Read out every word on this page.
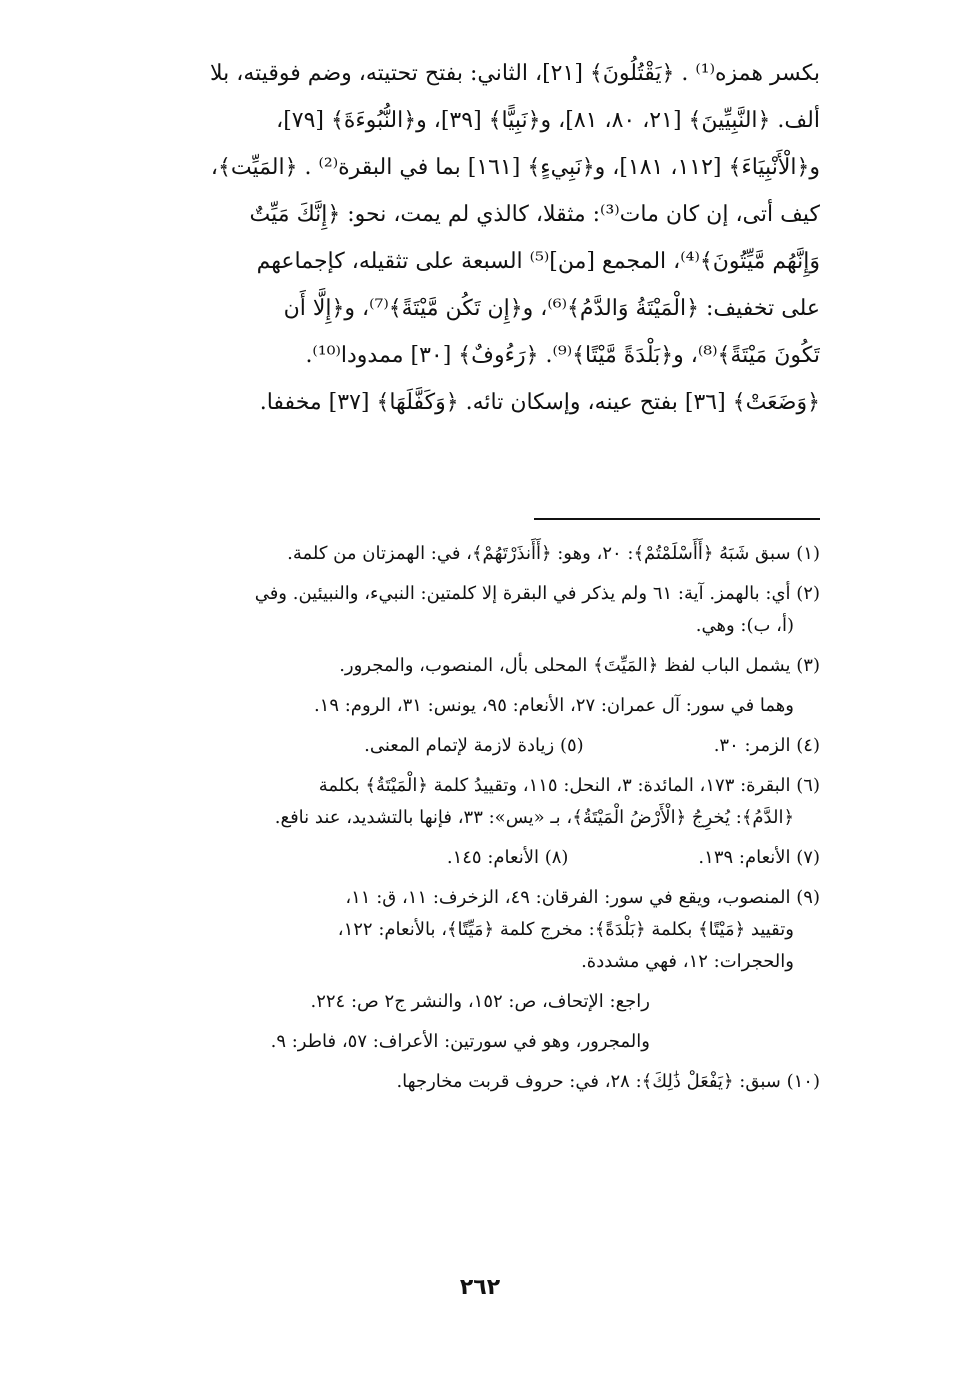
بكسر همزه⁽¹⁾ . ﴿يَقْتُلُونَ﴾ [٢١]، الثاني: بفتح تحتيته، وضم فوقيته، بلا
ألف. ﴿النَّبِيِّينَ﴾ [٢١، ٨٠، ٨١]، و﴿نَبِيًّا﴾ [٣٩]، و﴿النُّبُوءَةَ﴾ [٧٩]،
و﴿الْأَنْبِيَاءَ﴾ [١١٢، ١٨١]، و﴿نَبِيءٍ﴾ [١٦١] بما في البقرة⁽²⁾ . ﴿المَيِّت﴾،
كيف أتى، إن كان مات⁽³⁾: مثقلا، كالذي لم يمت، نحو: ﴿إِنَّكَ مَيِّتٌ
وَإِنَّهُم مَّيِّتُونَ﴾⁽⁴⁾، المجمع [من]⁽⁵⁾ السبعة على تثقيله، كإجماعهم
على تخفيف: ﴿الْمَيْتَةُ وَالدَّمُ﴾⁽⁶⁾، و﴿إِن تَكُن مَّيْتَةً﴾⁽⁷⁾، و﴿إِلَّا أَن
تَكُونَ مَيْتَةً﴾⁽⁸⁾، و﴿بَلْدَةً مَّيْتًا﴾⁽⁹⁾. ﴿رَءُوفٌ﴾ [٣٠] ممدودا⁽¹⁰⁾.
﴿وَضَعَتْ﴾ [٣٦] بفتح عينه، وإسكان تائه. ﴿وَكَفَّلَهَا﴾ [٣٧] مخففا.
(١) سبق شَبَهُ ﴿أَأَسْلَمْتُمْ﴾: ٢٠، وهو: ﴿أَأَنذَرْتَهُمْ﴾، في: الهمزتان من كلمة.
(٢) أي: بالهمز. آية: ٦١ ولم يذكر في البقرة إلا كلمتين: النبيء، والنبيئين. وفي
(أ، ب): وهي.
(٣) يشمل الباب لفظ ﴿المَيِّتَ﴾ المحلى بأل، المنصوب، والمجرور.
وهما في سور: آل عمران: ٢٧، الأنعام: ٩٥، يونس: ٣١، الروم: ١٩.
(٤) الزمر: ٣٠.
(٥) زيادة لازمة لإتمام المعنى.
(٦) البقرة: ١٧٣، المائدة: ٣، النحل: ١١٥، وتقييدُ كلمة ﴿الْمَيْتَةُ﴾ بكلمة
﴿الدَّمُ﴾: يُخرِجُ ﴿الْأَرْضُ الْمَيْتَةُ﴾، بـ «يس»: ٣٣، فإنها بالتشديد، عند نافع.
(٧) الأنعام: ١٣٩.
(٨) الأنعام: ١٤٥.
(٩) المنصوب، ويقع في سور: الفرقان: ٤٩، الزخرف: ١١، ق: ١١،
وتقييد ﴿مَيْتًا﴾ بكلمة ﴿بَلْدَةً﴾: مخرج كلمة ﴿مَيِّتًا﴾، بالأنعام: ١٢٢،
والحجرات: ١٢، فهي مشددة.
راجع: الإتحاف، ص: ١٥٢، والنشر ج٢ ص: ٢٢٤.
والمجرور، وهو في سورتين: الأعراف: ٥٧، فاطر: ٩.
(١٠) سبق: ﴿يَفْعَلْ ذَٰلِكَ﴾: ٢٨، في: حروف قربت مخارجها.
٢٦٢
